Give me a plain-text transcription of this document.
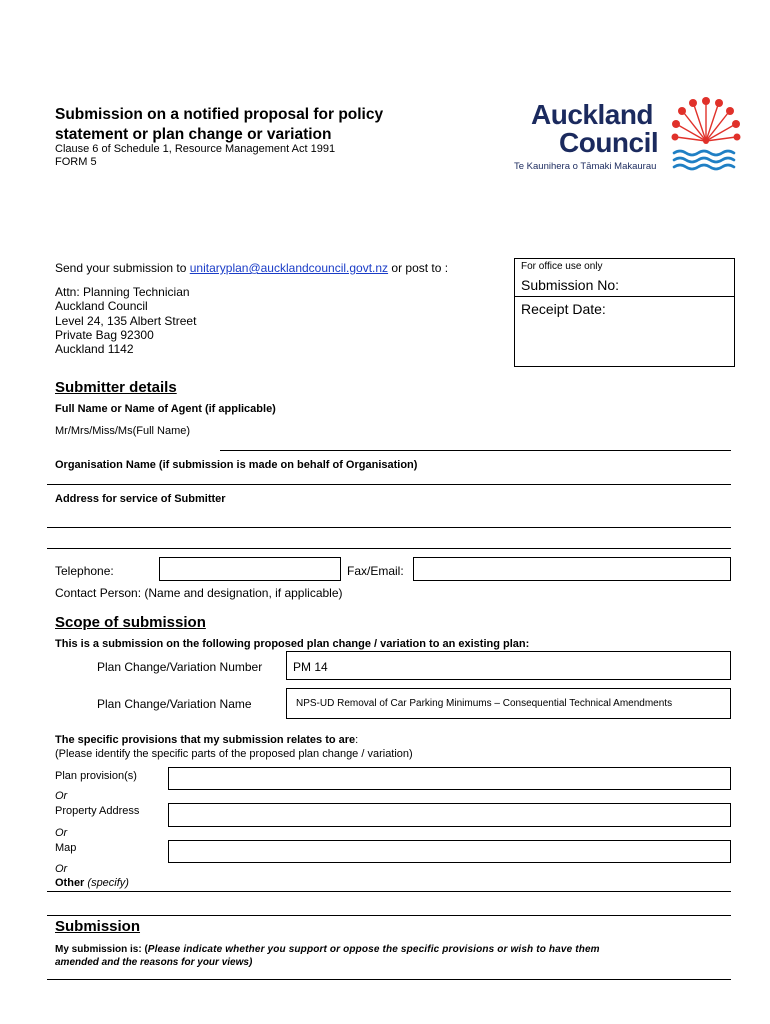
Submission on a notified proposal for policy
statement or plan change or variation
Clause 6 of Schedule 1, Resource Management Act 1991
FORM 5
Auckland
Council
Te Kaunihera o Tāmaki Makaurau
Send your submission to unitaryplan@aucklandcouncil.govt.nz or post to :
Attn: Planning Technician
Auckland Council
Level 24, 135 Albert Street
Private Bag 92300
Auckland 1142
For office use only
Submission No:
Receipt Date:
Submitter details
Full Name or Name of Agent (if applicable)
Mr/Mrs/Miss/Ms(Full Name)
Organisation Name (if submission is made on behalf of Organisation)
Address for service of Submitter
Telephone:	Fax/Email:
Contact Person: (Name and designation, if applicable)
Scope of submission
This is a submission on the following proposed plan change / variation to an existing plan:
Plan Change/Variation Number	PM 14
Plan Change/Variation Name	NPS-UD Removal of Car Parking Minimums – Consequential Technical Amendments
The specific provisions that my submission relates to are:
(Please identify the specific parts of the proposed plan change / variation)
Plan provision(s)
Or
Property Address
Or
Map
Or
Other (specify)
Submission
My submission is: (Please indicate whether you support or oppose the specific provisions or wish to have them
amended and the reasons for your views)
